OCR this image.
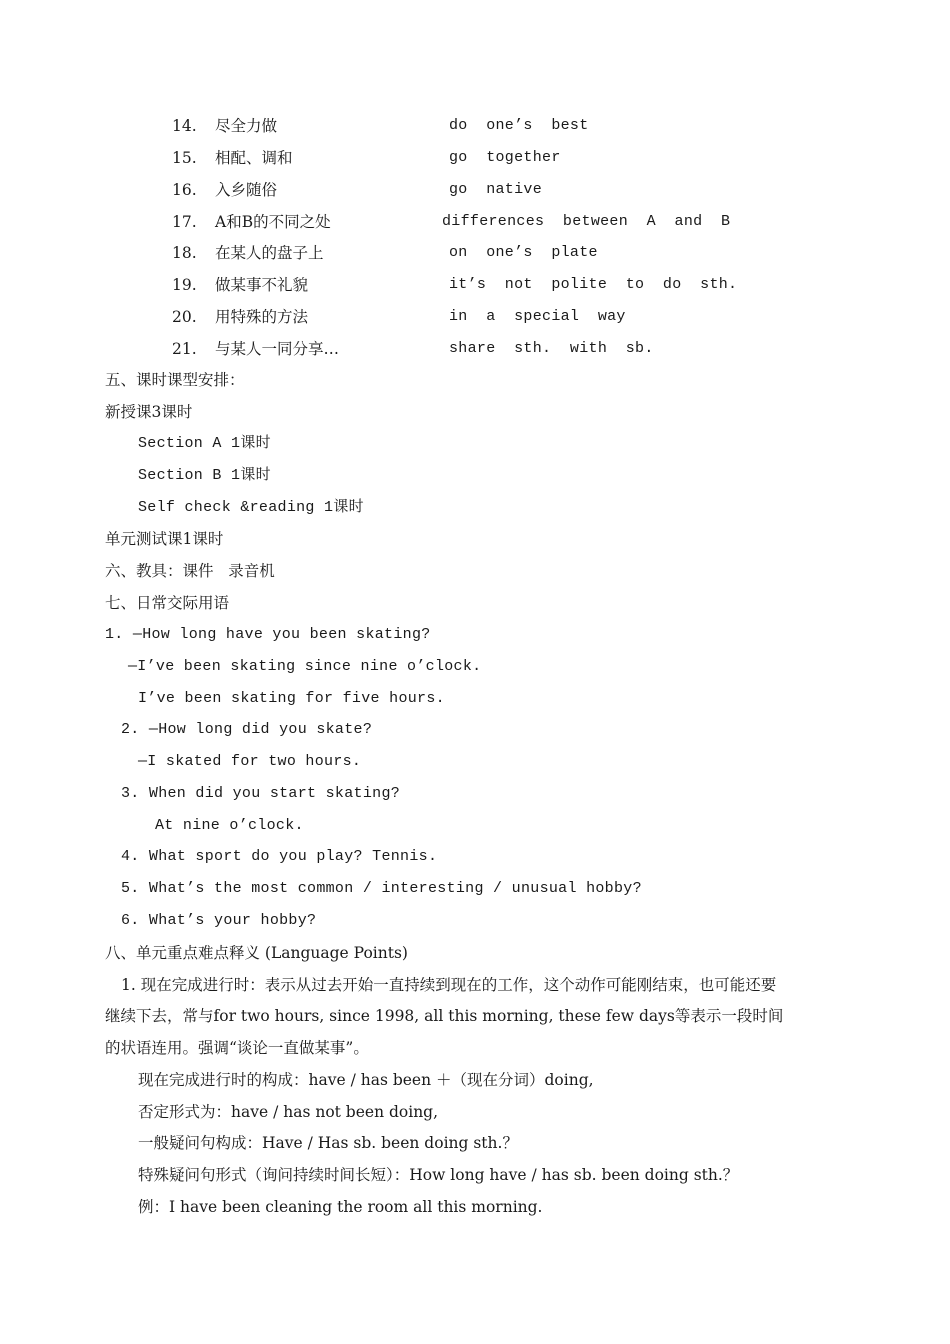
14. 尽全力做	do  one’s  best
15. 相配、调和	go  together
16. 入乡随俗	go  native
17. A和B的不同之处	differences  between  A  and  B
18. 在某人的盘子上	on  one’s  plate
19. 做某事不礼貌	it’s  not  polite  to  do  sth.
20. 用特殊的方法	in  a  special  way
21. 与某人一同分享…	share  sth.  with  sb.
五、课时课型安排：
新授课3课时
Section A 1课时
Section B 1课时
Self check &reading 1课时
单元测试课1课时
六、教具：课件   录音机
七、日常交际用语
1. —How long have you been skating?
—I’ve been skating since nine o’clock.
I’ve been skating for five hours.
2. —How long did you skate?
—I skated for two hours.
3. When did you start skating?
At nine o’clock.
4. What sport do you play? Tennis.
5. What’s the most common / interesting / unusual hobby?
6. What’s your hobby?
八、单元重点难点释义 (Language Points)
1. 现在完成进行时：表示从过去开始一直持续到现在的工作，这个动作可能刚结束，也可能还要
继续下去，常与for two hours, since 1998, all this morning, these few days等表示一段时间
的状语连用。强调“谈论一直做某事”。
现在完成进行时的构成：have / has been ＋（现在分词）doing,
否定形式为：have / has not been doing,
一般疑问句构成：Have / Has sb. been doing sth.？
特殊疑问句形式（询问持续时间长短）：How long have / has sb. been doing sth.？
例：I have been cleaning the room all this morning.
